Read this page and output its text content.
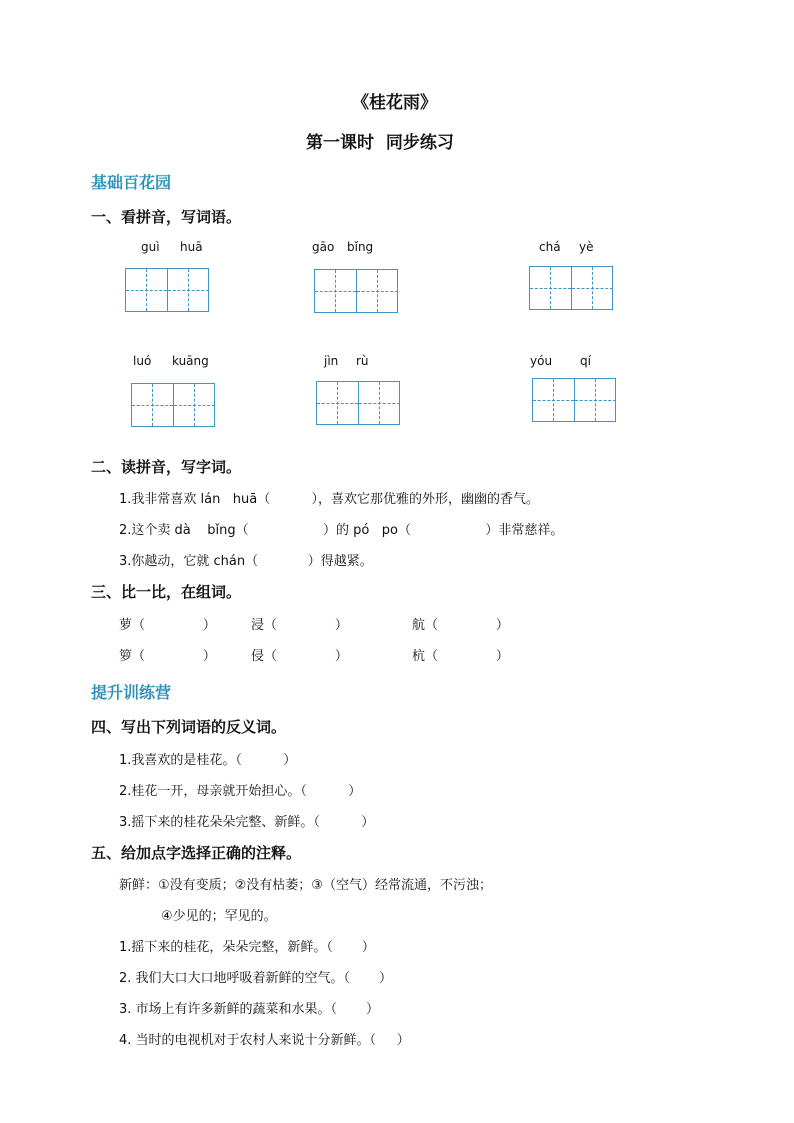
《桂花雨》
第一课时  同步练习
基础百花园
一、看拼音，写词语。
guì huā	gāo bǐng	chá yè
luó kuāng	jìn rù	yóu qí
二、读拼音，写字词。
1.我非常喜欢 lán   huā（          ），喜欢它那优雅的外形，幽幽的香气。
2.这个卖 dà    bǐng（                  ）的 pó   po（                  ）非常慈祥。
3.你越动，它就 chán（            ）得越紧。
三、比一比，在组词。
萝（              ）	浸（              ）	航（              ）
箩（              ）	侵（              ）	杭（              ）
提升训练营
四、写出下列词语的反义词。
1.我喜欢的是桂花。（          ）
2.桂花一开，母亲就开始担心。（          ）
3.摇下来的桂花朵朵完整、新鲜。（          ）
五、给加点字选择正确的注释。
新鲜：①没有变质；②没有枯萎；③（空气）经常流通，不污浊；
④少见的；罕见的。
1.摇下来的桂花，朵朵完整，新鲜。（       ）
2. 我们大口大口地呼吸着新鲜的空气。（       ）
3. 市场上有许多新鲜的蔬菜和水果。（       ）
4. 当时的电视机对于农村人来说十分新鲜。（     ）
